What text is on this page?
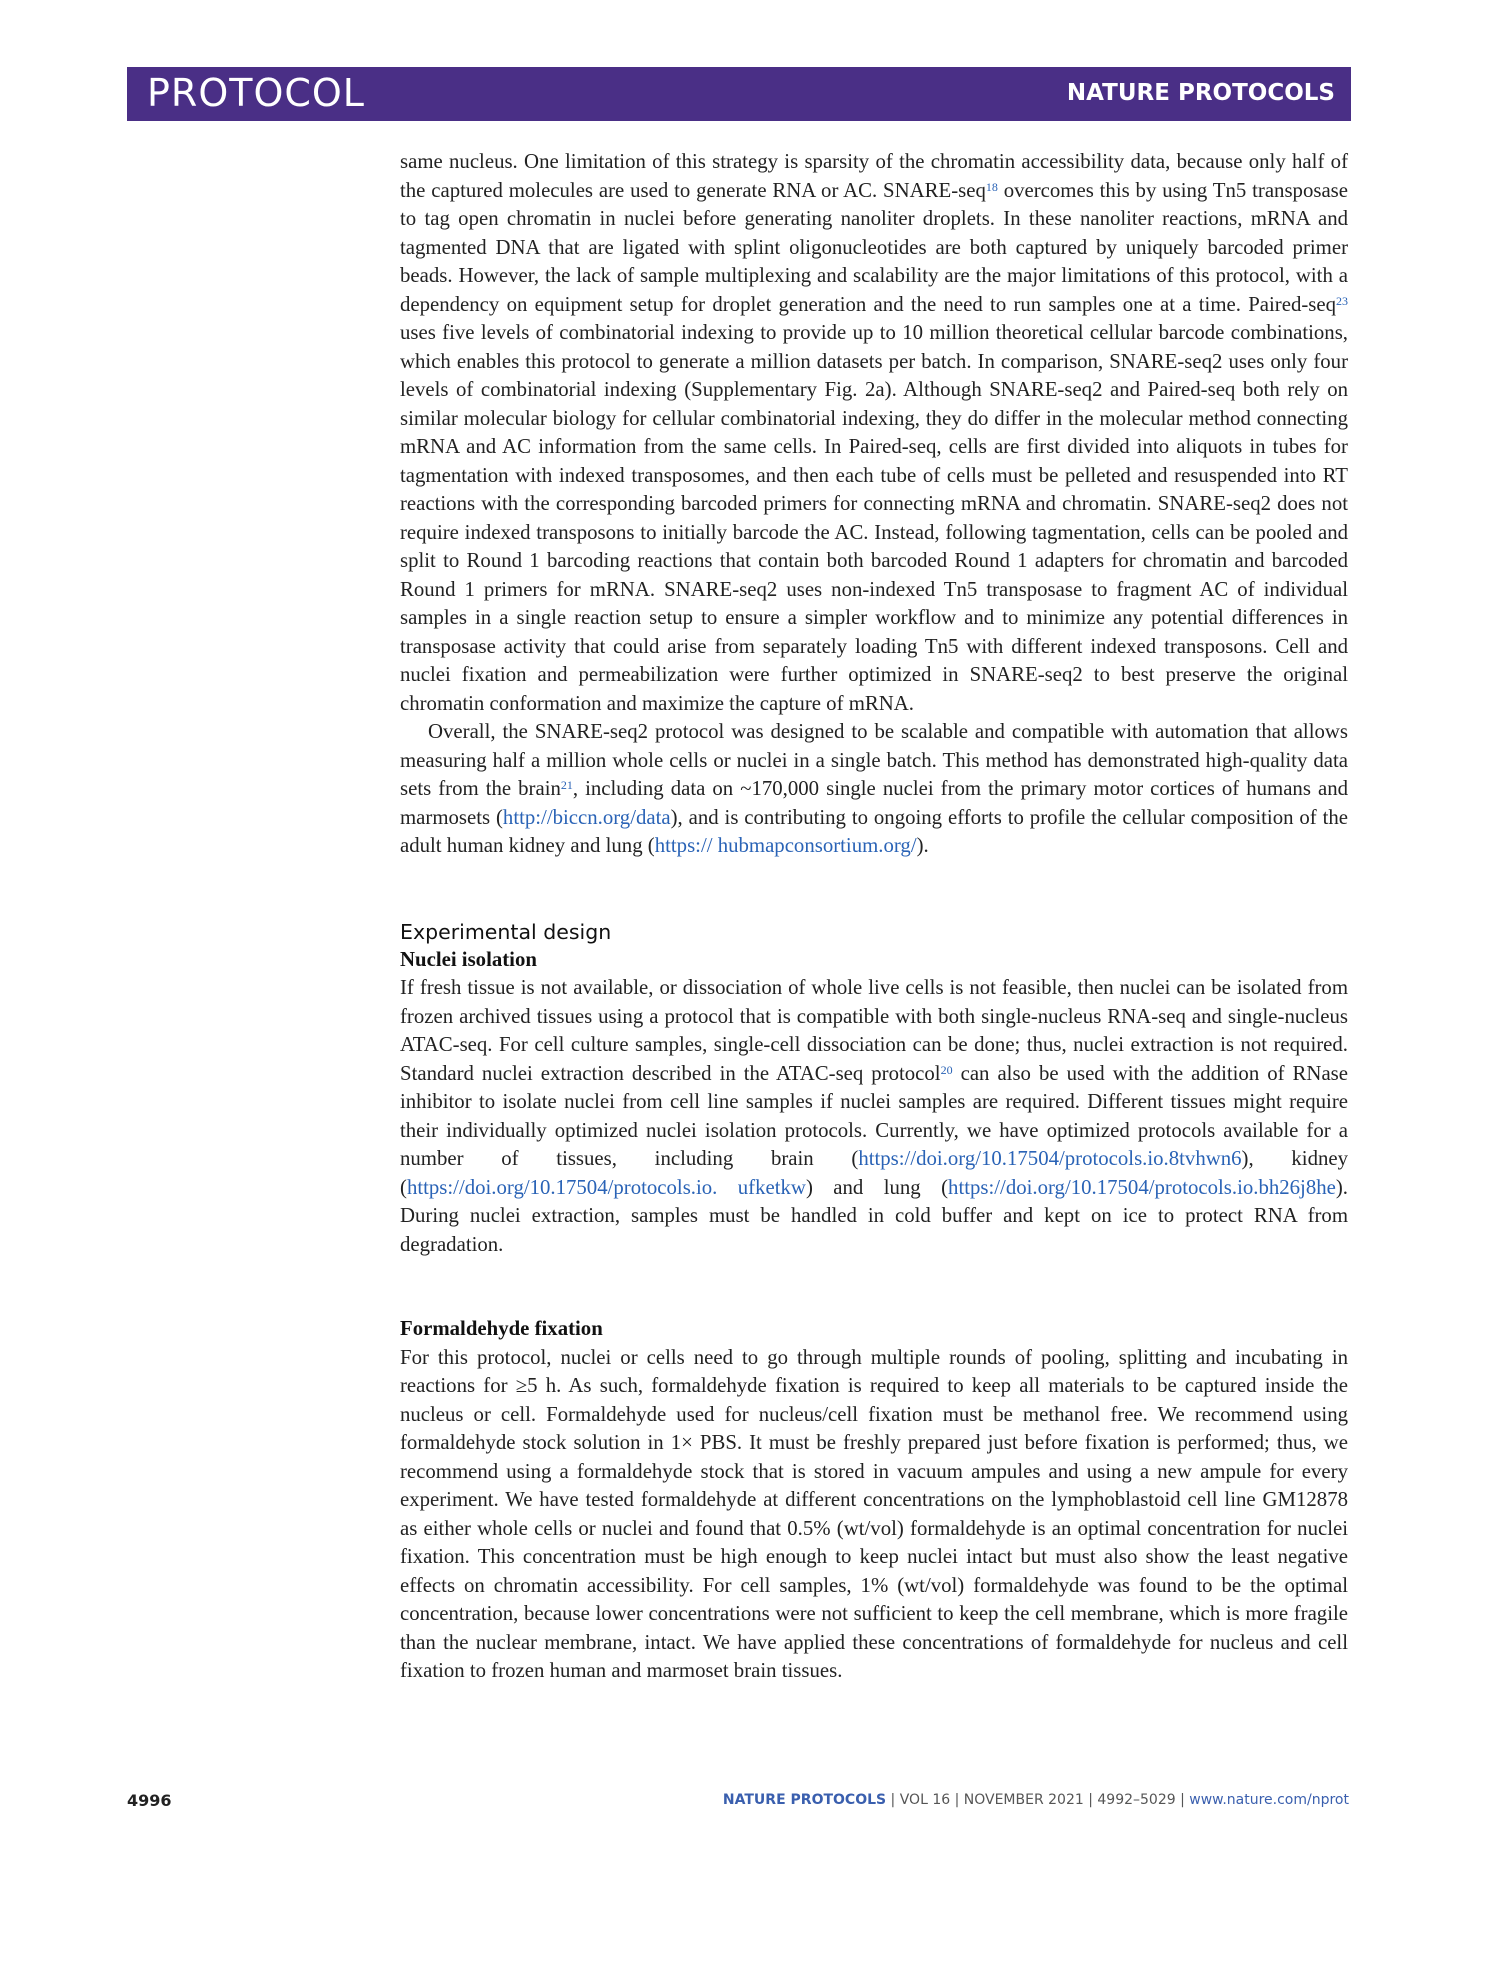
PROTOCOL	NATURE PROTOCOLS

same nucleus. One limitation of this strategy is sparsity of the chromatin accessibility data, because only half of the captured molecules are used to generate RNA or AC. SNARE-seq$^{18}$ overcomes this by using Tn5 transposase to tag open chromatin in nuclei before generating nanoliter droplets. In these nanoliter reactions, mRNA and tagmented DNA that are ligated with splint oligonucleotides are both captured by uniquely barcoded primer beads. However, the lack of sample multiplexing and scalability are the major limitations of this protocol, with a dependency on equipment setup for droplet generation and the need to run samples one at a time. Paired-seq$^{23}$ uses five levels of combinatorial indexing to provide up to 10 million theoretical cellular barcode combinations, which enables this protocol to generate a million datasets per batch. In comparison, SNARE-seq2 uses only four levels of combinatorial indexing (Supplementary Fig. 2a). Although SNARE-seq2 and Paired-seq both rely on similar molecular biology for cellular combinatorial indexing, they do differ in the molecular method connecting mRNA and AC information from the same cells. In Paired-seq, cells are first divided into aliquots in tubes for tagmentation with indexed transposomes, and then each tube of cells must be pelleted and resuspended into RT reactions with the corresponding barcoded primers for connecting mRNA and chromatin. SNARE-seq2 does not require indexed transposons to initially barcode the AC. Instead, following tagmentation, cells can be pooled and split to Round 1 barcoding reactions that contain both barcoded Round 1 adapters for chromatin and barcoded Round 1 primers for mRNA. SNARE-seq2 uses non-indexed Tn5 transposase to fragment AC of individual samples in a single reaction setup to ensure a simpler workflow and to minimize any potential differences in transposase activity that could arise from separately loading Tn5 with different indexed transposons. Cell and nuclei fixation and permeabilization were further optimized in SNARE-seq2 to best preserve the original chromatin conformation and maximize the capture of mRNA.

Overall, the SNARE-seq2 protocol was designed to be scalable and compatible with automation that allows measuring half a million whole cells or nuclei in a single batch. This method has demonstrated high-quality data sets from the brain$^{21}$, including data on ~170,000 single nuclei from the primary motor cortices of humans and marmosets (http://biccn.org/data), and is contributing to ongoing efforts to profile the cellular composition of the adult human kidney and lung (https:// hubmapconsortium.org/).

Experimental design
Nuclei isolation

If fresh tissue is not available, or dissociation of whole live cells is not feasible, then nuclei can be isolated from frozen archived tissues using a protocol that is compatible with both single-nucleus RNA-seq and single-nucleus ATAC-seq. For cell culture samples, single-cell dissociation can be done; thus, nuclei extraction is not required. Standard nuclei extraction described in the ATAC-seq protocol$^{20}$ can also be used with the addition of RNase inhibitor to isolate nuclei from cell line samples if nuclei samples are required. Different tissues might require their individually optimized nuclei isolation protocols. Currently, we have optimized protocols available for a number of tissues, including brain (https://doi.org/10.17504/protocols.io.8tvhwn6), kidney (https://doi.org/10.17504/protocols.io. ufketkw) and lung (https://doi.org/10.17504/protocols.io.bh26j8he). During nuclei extraction, samples must be handled in cold buffer and kept on ice to protect RNA from degradation.

Formaldehyde fixation

For this protocol, nuclei or cells need to go through multiple rounds of pooling, splitting and incubating in reactions for ≥5 h. As such, formaldehyde fixation is required to keep all materials to be captured inside the nucleus or cell. Formaldehyde used for nucleus/cell fixation must be methanol free. We recommend using formaldehyde stock solution in 1× PBS. It must be freshly prepared just before fixation is performed; thus, we recommend using a formaldehyde stock that is stored in vacuum ampules and using a new ampule for every experiment. We have tested formaldehyde at different concentrations on the lymphoblastoid cell line GM12878 as either whole cells or nuclei and found that 0.5% (wt/vol) formaldehyde is an optimal concentration for nuclei fixation. This concentration must be high enough to keep nuclei intact but must also show the least negative effects on chromatin accessibility. For cell samples, 1% (wt/vol) formaldehyde was found to be the optimal concentration, because lower concentrations were not sufficient to keep the cell membrane, which is more fragile than the nuclear membrane, intact. We have applied these concentrations of formaldehyde for nucleus and cell fixation to frozen human and marmoset brain tissues.

4996	NATURE PROTOCOLS | VOL 16 | NOVEMBER 2021 | 4992–5029 | www.nature.com/nprot
